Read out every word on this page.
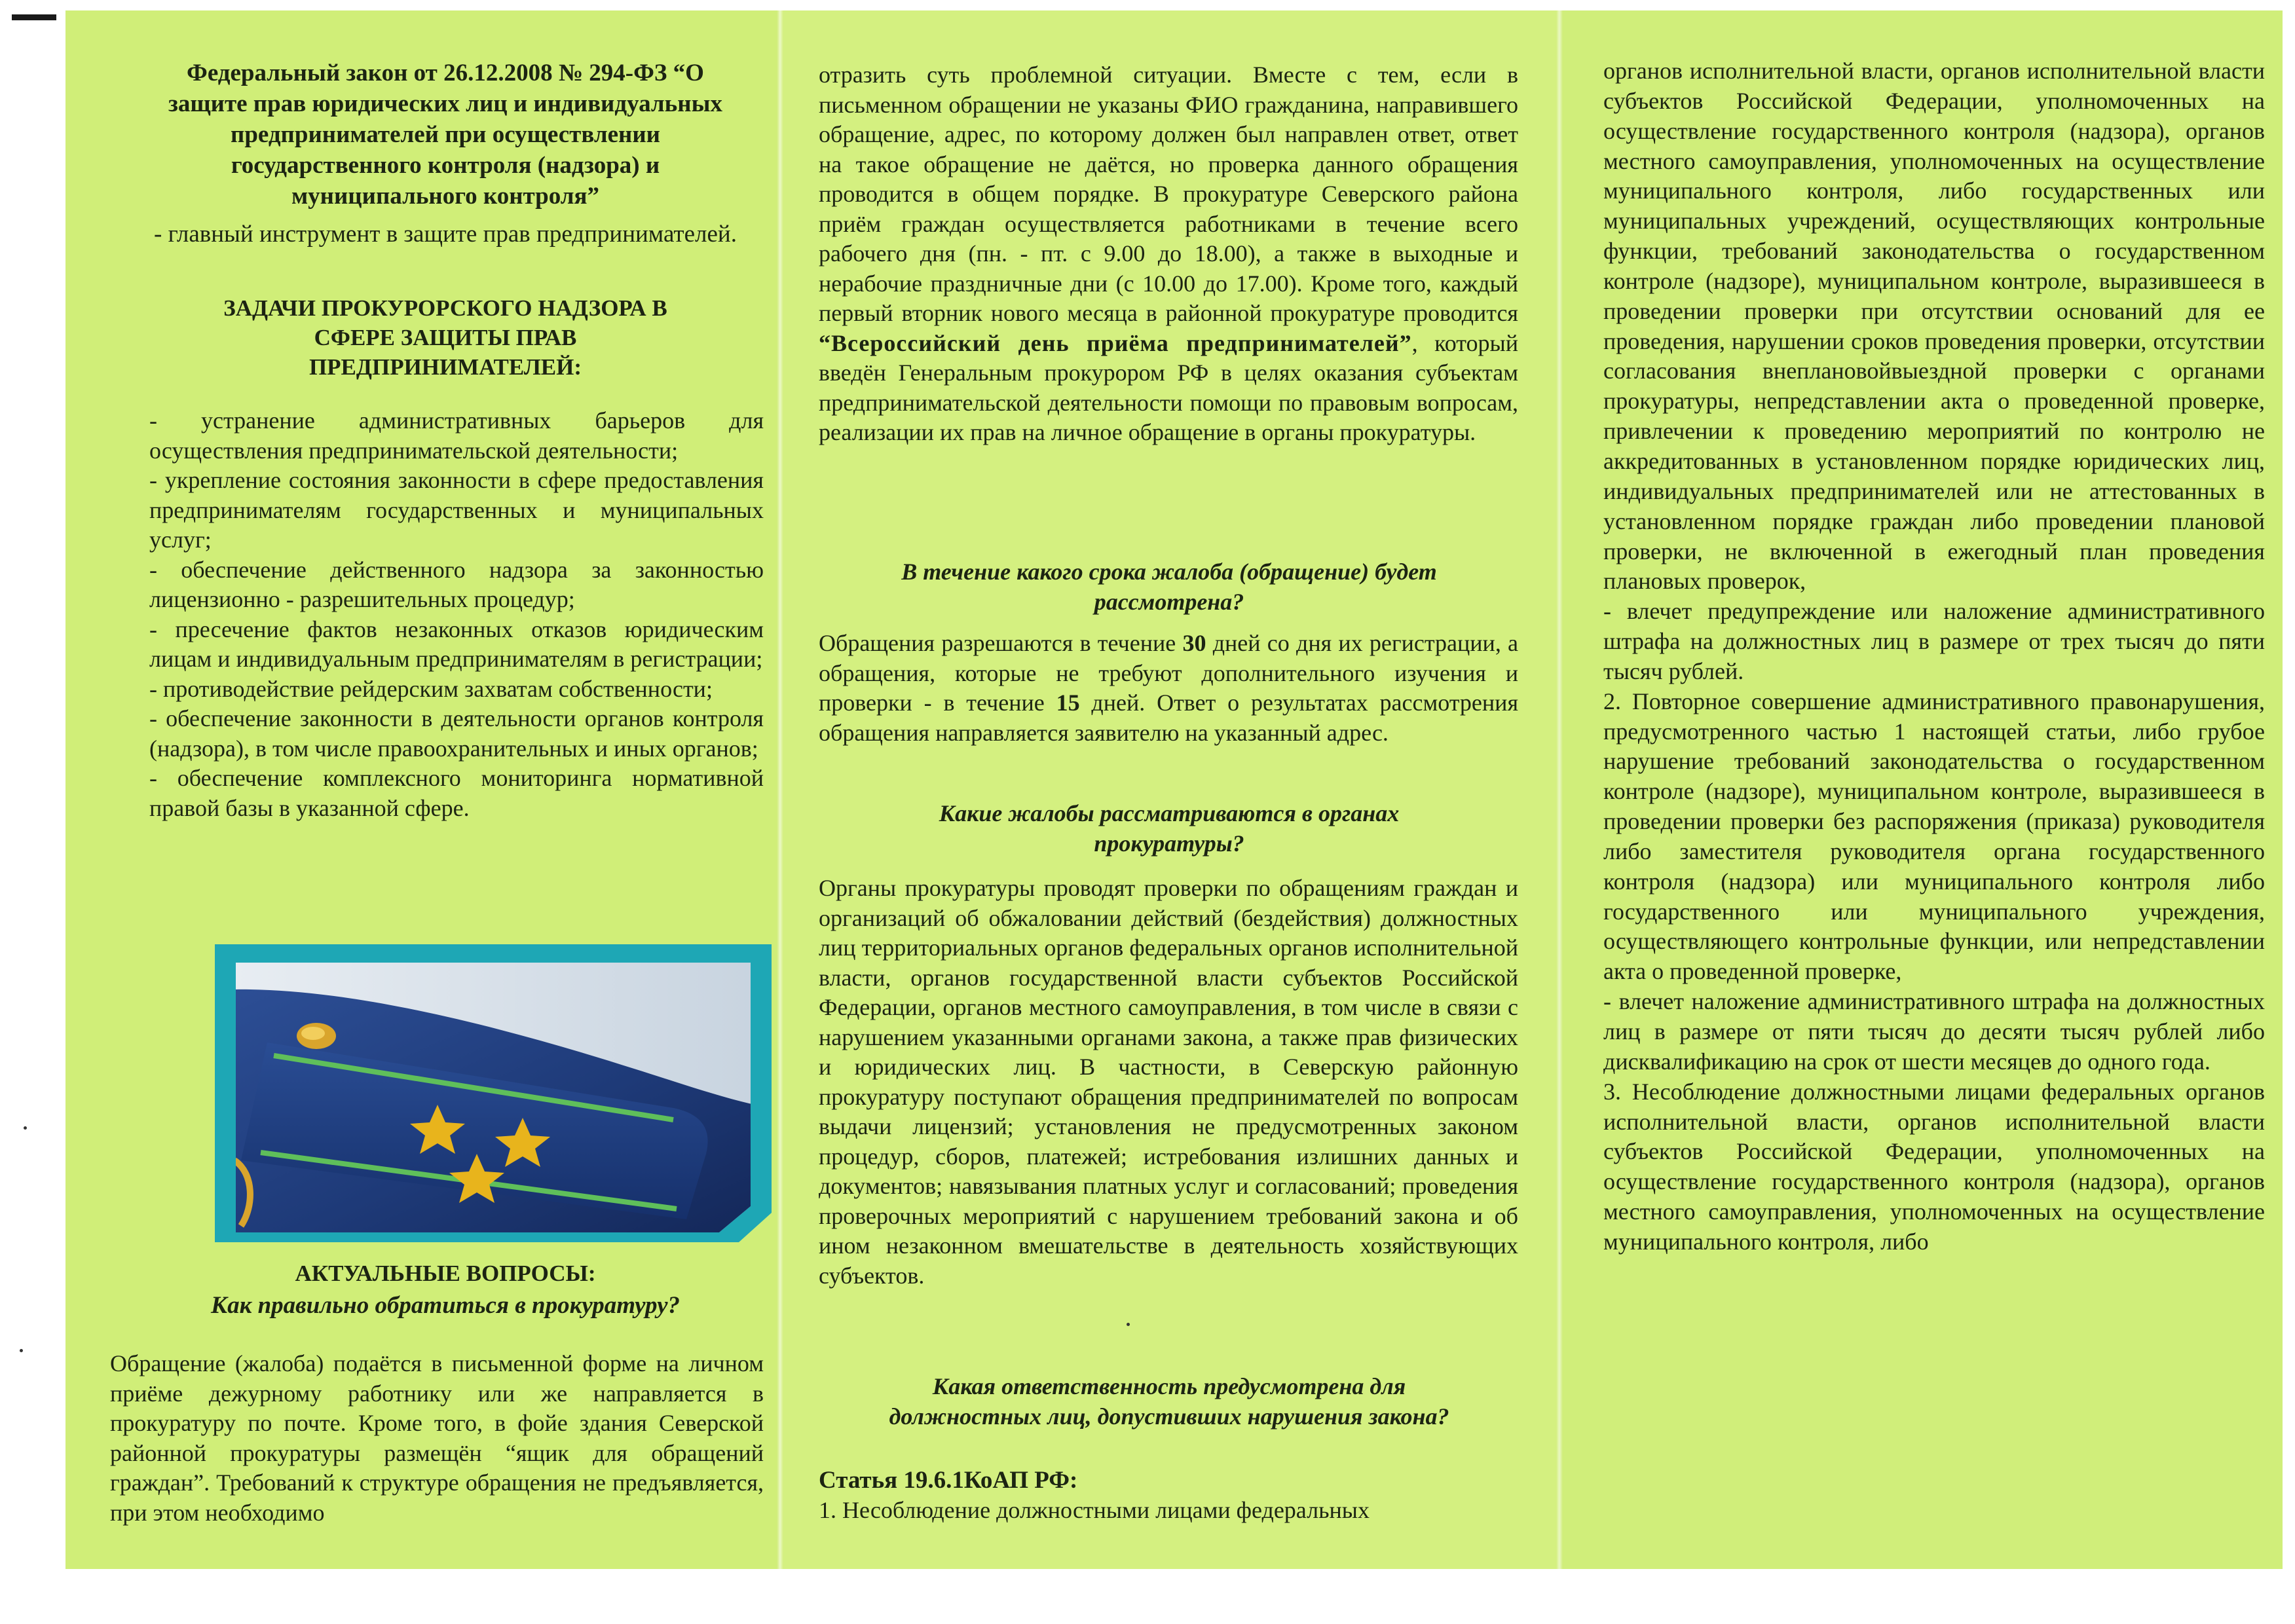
Федеральный закон от 26.12.2008 № 294-ФЗ “О защите прав юридических лиц и индивидуальных предпринимателей при осуществлении государственного контроля (надзора) и муниципального контроля”
- главный инструмент в защите прав предпринимателей.
ЗАДАЧИ ПРОКУРОРСКОГО НАДЗОРА В СФЕРЕ ЗАЩИТЫ ПРАВ ПРЕДПРИНИМАТЕЛЕЙ:
- устранение административных барьеров для осуществления предпринимательской деятельности;
- укрепление состояния законности в сфере предоставления предпринимателям государственных и муниципальных услуг;
- обеспечение действенного надзора за законностью лицензионно - разрешительных процедур;
- пресечение фактов незаконных отказов юридическим лицам и индивидуальным предпринимателям в регистрации;
- противодействие рейдерским захватам собственности;
- обеспечение законности в деятельности органов контроля (надзора), в том числе правоохранительных и иных органов;
- обеспечение комплексного мониторинга нормативной правой базы в указанной сфере.
АКТУАЛЬНЫЕ ВОПРОСЫ:
Как правильно обратиться в прокуратуру?
Обращение (жалоба) подаётся в письменной форме на личном приёме дежурному работнику или же направляется в прокуратуру по почте. Кроме того, в фойе здания Северской районной прокуратуры размещён “ящик для обращений граждан”. Требований к структуре обращения не предъявляется, при этом необходимо
отразить суть проблемной ситуации. Вместе с тем, если в письменном обращении не указаны ФИО гражданина, направившего обращение, адрес, по которому должен был направлен ответ, ответ на такое обращение не даётся, но проверка данного обращения проводится в общем порядке. В прокуратуре Северского района приём граждан осуществляется работниками в течение всего рабочего дня (пн. - пт. с 9.00 до 18.00), а также в выходные и нерабочие праздничные дни (с 10.00 до 17.00). Кроме того, каждый первый вторник нового месяца в районной прокуратуре проводится “Всероссийский день приёма предпринимателей”, который введён Генеральным прокурором РФ в целях оказания субъектам предпринимательской деятельности помощи по правовым вопросам, реализации их прав на личное обращение в органы прокуратуры.
В течение какого срока жалоба (обращение) будет рассмотрена?
Обращения разрешаются в течение 30 дней со дня их регистрации, а обращения, которые не требуют дополнительного изучения и проверки - в течение 15 дней. Ответ о результатах рассмотрения обращения направляется заявителю на указанный адрес.
Какие жалобы рассматриваются в органах прокуратуры?
Органы прокуратуры проводят проверки по обращениям граждан и организаций об обжаловании действий (бездействия) должностных лиц территориальных органов федеральных органов исполнительной власти, органов государственной власти субъектов Российской Федерации, органов местного самоуправления, в том числе в связи с нарушением указанными органами закона, а также прав физических и юридических лиц. В частности, в Северскую районную прокуратуру поступают обращения предпринимателей по вопросам выдачи лицензий; установления не предусмотренных законом процедур, сборов, платежей; истребования излишних данных и документов; навязывания платных услуг и согласований; проведения проверочных мероприятий с нарушением требований закона и об ином незаконном вмешательстве в деятельность хозяйствующих субъектов.
Какая ответственность предусмотрена для должностных лиц, допустивших нарушения закона?
Статья 19.6.1КоАП РФ:
1. Несоблюдение должностными лицами федеральных

органов исполнительной власти, органов исполнительной власти субъектов Российской Федерации, уполномоченных на осуществление государственного контроля (надзора), органов местного самоуправления, уполномоченных на осуществление муниципального контроля, либо государственных или муниципальных учреждений, осуществляющих контрольные функции, требований законодательства о государственном контроле (надзоре), муниципальном контроле, выразившееся в проведении проверки при отсутствии оснований для ее проведения, нарушении сроков проведения проверки, отсутствии согласования внеплановойвыездной проверки с органами прокуратуры, непредставлении акта о проведенной проверке, привлечении к проведению мероприятий по контролю не аккредитованных в установленном порядке юридических лиц, индивидуальных предпринимателей или не аттестованных в установленном порядке граждан либо проведении плановой проверки, не включенной в ежегодный план проведения плановых проверок,

- влечет предупреждение или наложение административного штрафа на должностных лиц в размере от трех тысяч до пяти тысяч рублей.

2. Повторное совершение административного правонарушения, предусмотренного частью 1 настоящей статьи, либо грубое нарушение требований законодательства о государственном контроле (надзоре), муниципальном контроле, выразившееся в проведении проверки без распоряжения (приказа) руководителя либо заместителя руководителя органа государственного контроля (надзора) или муниципального контроля либо государственного или муниципального учреждения, осуществляющего контрольные функции, или непредставлении акта о проведенной проверке,

- влечет наложение административного штрафа на должностных лиц в размере от пяти тысяч до десяти тысяч рублей либо дисквалификацию на срок от шести месяцев до одного года.

3. Несоблюдение должностными лицами федеральных органов исполнительной власти, органов исполнительной власти субъектов Российской Федерации, уполномоченных на осуществление государственного контроля (надзора), органов местного самоуправления, уполномоченных на осуществление муниципального контроля, либо
